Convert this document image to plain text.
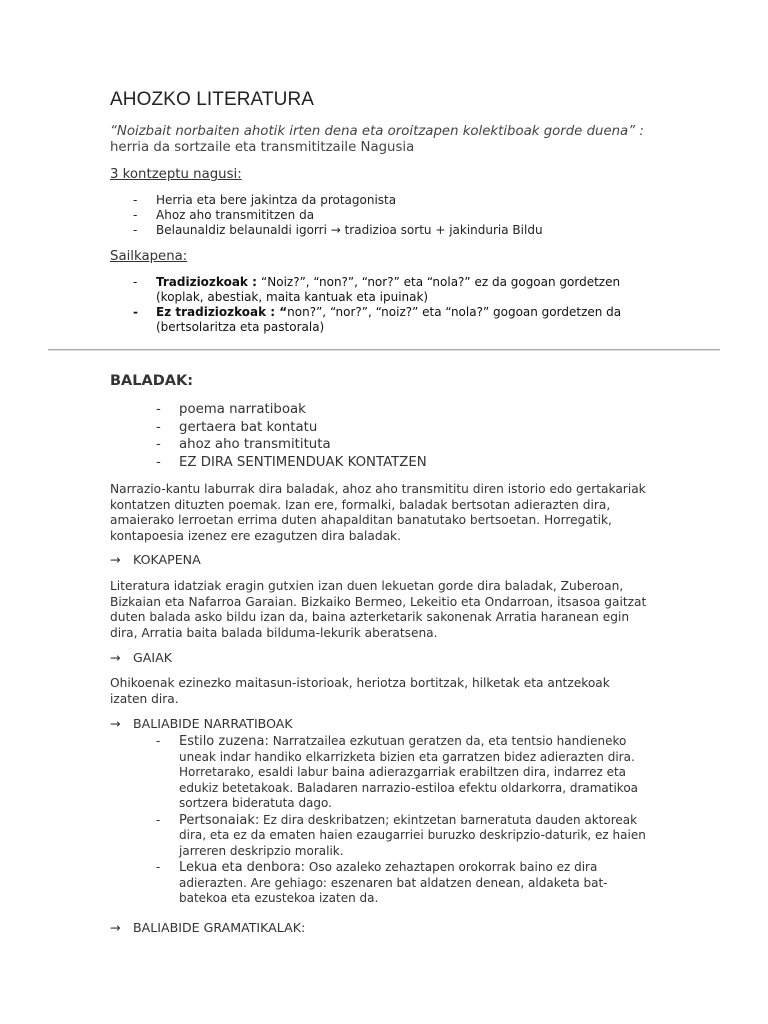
AHOZKO LITERATURA
“Noizbait norbaiten ahotik irten dena eta oroitzapen kolektiboak gorde duena” : herria da sortzaile eta transmititzaile Nagusia
3 kontzeptu nagusi:
- Herria eta bere jakintza da protagonista
- Ahoz aho transmititzen da
- Belaunaldiz belaunaldi igorri → tradizioa sortu + jakinduria Bildu
Sailkapena:
- Tradiziozkoak : “Noiz?”, “non?”, “nor?” eta “nola?” ez da gogoan gordetzen (koplak, abestiak, maita kantuak eta ipuinak)
- Ez tradiziozkoak : “non?”, “nor?”, “noiz?” eta “nola?” gogoan gordetzen da (bertsolaritza eta pastorala)
BALADAK:
- poema narratiboak
- gertaera bat kontatu
- ahoz aho transmitituta
- EZ DIRA SENTIMENDUAK KONTATZEN
Narrazio-kantu laburrak dira baladak, ahoz aho transmititu diren istorio edo gertakariak kontatzen dituzten poemak. Izan ere, formalki, baladak bertsotan adierazten dira, amaierako lerroetan errima duten ahapalditan banatutako bertsoetan. Horregatik, kontapoesia izenez ere ezagutzen dira baladak.
→ KOKAPENA
Literatura idatziak eragin gutxien izan duen lekuetan gorde dira baladak, Zuberoan, Bizkaian eta Nafarroa Garaian. Bizkaiko Bermeo, Lekeitio eta Ondarroan, itsasoa gaitzat duten balada asko bildu izan da, baina azterketarik sakonenak Arratia haranean egin dira, Arratia baita balada bilduma-lekurik aberatsena.
→ GAIAK
Ohikoenak ezinezko maitasun-istorioak, heriotza bortitzak, hilketak eta antzekoak izaten dira.
→ BALIABIDE NARRATIBOAK
- Estilo zuzena: Narratzailea ezkutuan geratzen da, eta tentsio handieneko uneak indar handiko elkarrizketa bizien eta garratzen bidez adierazten dira. Horretarako, esaldi labur baina adierazgarriak erabiltzen dira, indarrez eta edukiz betetakoak. Baladaren narrazio-estiloa efektu oldarkorra, dramatikoa sortzera bideratuta dago.
- Pertsonaiak: Ez dira deskribatzen; ekintzetan barneratuta dauden aktoreak dira, eta ez da ematen haien ezaugarriei buruzko deskripzio-daturik, ez haien jarreren deskripzio moralik.
- Lekua eta denbora: Oso azaleko zehaztapen orokorrak baino ez dira adierazten. Are gehiago: eszenaren bat aldatzen denean, aldaketa bat-batekoa eta ezustekoa izaten da.
→ BALIABIDE GRAMATIKALAK:
